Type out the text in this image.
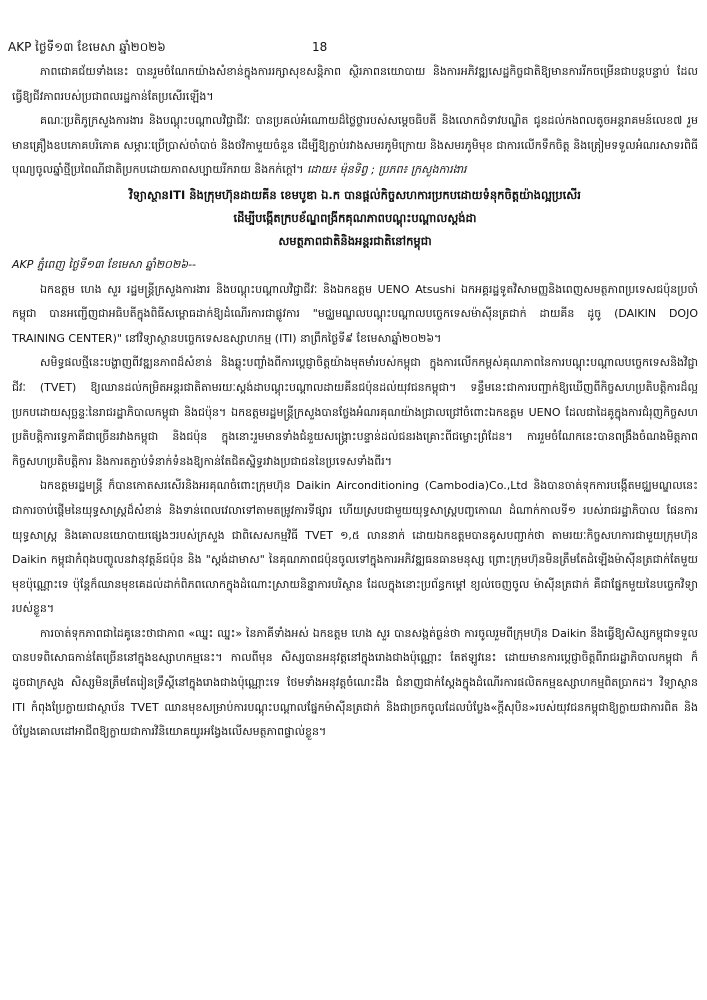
AKP ថ្ងៃទី១៣ ខែមេសា ឆ្នាំ២០២៦	18

ភាពជោគជ័យទាំងនេះ បានរួមចំណែកយ៉ាងសំខាន់ក្នុងការរក្សាសុខសន្តិភាព ស្ថិរភាពនយោបាយ និងការអភិវឌ្ឍសេដ្ឋកិច្ចជាតិឱ្យមានការរីកចម្រើនជាបន្តបន្ទាប់ ដែលធ្វើឱ្យជីវភាពរបស់ប្រជាពលរដ្ឋកាន់តែប្រសើរឡើង។

គណៈប្រតិភូក្រសួងការងារ និងបណ្តុះបណ្តាលវិជ្ជាជីវៈ បានប្រគល់អំណោយដ៏ថ្លៃថ្លារបស់សម្តេចធិបតី និងលោកជំទាវបណ្ឌិត ជូនដល់កងពលតូចអន្តរាគមន៍លេខ៧ រួមមានគ្រឿងឧបភោគបរិភោគ សម្ភារៈប្រើប្រាស់ចាំបាច់ និងថវិកាមួយចំនួន ដើម្បីឱ្យភ្ជាប់រវាងសមរភូមិក្រោយ និងសមរភូមិមុខ ជាការលើកទឹកចិត្ត និងត្រៀមទទួលអំណរសាទរពិធីបុណ្យចូលឆ្នាំថ្មីប្រពៃណីជាតិប្រកបដោយភាពសប្បាយរីករាយ និងកក់ក្តៅ។ ដោយ៖ ម៉ុនទិព្វ ; ប្រភព៖ ក្រសួងការងារ

វិទ្យាស្ថានITI និងក្រុមហ៊ុនដាយគីន ខេមបូឌា ឯ.ក បានផ្តល់កិច្ចសហការប្រកបដោយទំនុកចិត្តយ៉ាងល្អប្រសើរ
ដើម្បីបង្កើតក្របខ័ណ្ឌពង្រីកគុណភាពបណ្តុះបណ្តាលស្តង់ដា
សមត្ថភាពជាតិនិងអន្តរជាតិនៅកម្ពុជា

AKP ភ្នំពេញ ថ្ងៃទី១៣ ខែមេសា ឆ្នាំ២០២៦--

ឯកឧត្តម ហេង សួរ រដ្ឋមន្ត្រីក្រសួងការងារ និងបណ្តុះបណ្តាលវិជ្ជាជីវៈ និងឯកឧត្តម UENO Atsushi ឯកអគ្គរដ្ឋទូតវិសាមញ្ញនិងពេញសមត្ថភាពប្រទេសជប៉ុនប្រចាំកម្ពុជា បានអញ្ជើញជាអធិបតីក្នុងពិធីសម្ពោធដាក់ឱ្យដំណើរការជាផ្លូវការ "មជ្ឈមណ្ឌលបណ្តុះបណ្តាលបច្ចេកទេសម៉ាស៊ីនត្រជាក់ ដាយគីន ដូចូ (DAIKIN DOJO TRAINING CENTER)" នៅវិទ្យាស្ថានបច្ចេកទេសឧស្សាហកម្ម (ITI) នាព្រឹកថ្ងៃទី៩ ខែមេសាឆ្នាំ២០២៦។

សមិទ្ធផលថ្មីនេះបង្ហាញពីវឌ្ឍនភាពដ៏សំខាន់ និងឆ្លុះបញ្ចាំងពីការប្តេជ្ញាចិត្តយ៉ាងមុតមាំរបស់កម្ពុជា ក្នុងការលើកកម្ពស់គុណភាពនៃការបណ្តុះបណ្តាលបច្ចេកទេសនិងវិជ្ជាជីវៈ (TVET) ឱ្យឈានដល់កម្រិតអន្តរជាតិតាមរយៈស្តង់ដាបណ្តុះបណ្តាលដាយគីនជប៉ុនដល់យុវជនកម្ពុជា។ ទន្ទឹមនេះជាការបញ្ជាក់ឱ្យឃើញពីកិច្ចសហប្រតិបត្តិការដ៏ល្អប្រកបដោយសុច្ឆន្ទៈនៃរាជរដ្ឋាភិបាលកម្ពុជា និងជប៉ុន។ ឯកឧត្តមរដ្ឋមន្ត្រីក្រសួងបានថ្លែងអំណរគុណយ៉ាងជ្រាលជ្រៅចំពោះឯកឧត្តម UENO ដែលជាដៃគូក្នុងការជំរុញកិច្ចសហប្រតិបត្តិការទ្វេភាគីជាច្រើនរវាងកម្ពុជា និងជប៉ុន ក្នុងនោះរួមមានទាំងជំនួយសង្គ្រោះបន្ទាន់ដល់ជនរងគ្រោះពីជម្លោះព្រំដែន។ ការរួមចំណែកនេះបានពង្រឹងចំណងមិត្តភាព កិច្ចសហប្រតិបត្តិការ និងការតភ្ជាប់ទំនាក់ទំនងឱ្យកាន់តែជិតស្និទ្ធរវាងប្រជាជននៃប្រទេសទាំងពីរ។

ឯកឧត្តមរដ្ឋមន្ត្រី ក៏បានកោតសរសើរនិងអរគុណចំពោះក្រុមហ៊ុន Daikin Airconditioning (Cambodia)Co.,Ltd និងបានចាត់ទុកការបង្កើតមជ្ឈមណ្ឌលនេះ ជាការចាប់ផ្តើមនៃយុទ្ធសាស្ត្រដ៏សំខាន់ និងទាន់ពេលវេលាទៅតាមតម្រូវការទីផ្សារ ហើយស្របជាមួយយុទ្ធសាស្ត្របញ្ចកោណ ដំណាក់កាលទី១ របស់រាជរដ្ឋាភិបាល ផែនការយុទ្ធសាស្ត្រ និងគោលនយោបាយផ្សេងៗរបស់ក្រសួង ជាពិសេសកម្មវិធី TVET ១,៥ លាននាក់ ដោយឯកឧត្តមបានគូសបញ្ជាក់ថា តាមរយៈកិច្ចសហការជាមួយក្រុមហ៊ុន Daikin កម្ពុជាកំពុងបញ្ចូលនវានុវត្តន៍ជប៉ុន និង "ស្តង់ដាមាស" នៃគុណភាពជប៉ុនចូលទៅក្នុងការអភិវឌ្ឍធនធានមនុស្ស ព្រោះក្រុមហ៊ុនមិនត្រឹមតែដំឡើងម៉ាស៊ីនត្រជាក់តែមួយមុខប៉ុណ្ណោះទេ ប៉ុន្តែក៏ឈានមុខគេដល់ដាក់ពិភពលោកក្នុងដំណោះស្រាយនិន្នាការបរិស្ថាន ដែលក្នុងនោះប្រព័ន្ធកម្តៅ ខ្យល់ចេញចូល ម៉ាស៊ីនត្រជាក់ គឺជាផ្នែកមួយនៃបច្ចេកវិទ្យារបស់ខ្លួន។

ការចាត់ទុកភាពជាដៃគូនេះថាជាភាព «ឈ្នះ ឈ្នះ» នៃភាគីទាំងអស់ ឯកឧត្តម ហេង សួរ បានសង្កត់ធ្ងន់ថា ការចូលរួមពីក្រុមហ៊ុន Daikin នឹងធ្វើឱ្យសិស្សកម្ពុជាទទួលបានបទពិសោធកាន់តែច្រើននៅក្នុងឧស្សាហកម្មនេះ។ កាលពីមុន សិស្សបានអនុវត្តនៅក្នុងរោងជាងប៉ុណ្ណោះ តែឥឡូវនេះ ដោយមានការប្តេជ្ញាចិត្តពីរាជរដ្ឋាភិបាលកម្ពុជា ក៏ដូចជាក្រសួង សិស្សមិនត្រឹមតែរៀនទ្រឹស្តីនៅក្នុងរោងជាងប៉ុណ្ណោះទេ ថែមទាំងអនុវត្តចំណេះដឹង ជំនាញជាក់ស្តែងក្នុងដំណើរការផលិតកម្មឧស្សាហកម្មពិតប្រាកដ។ វិទ្យាស្ថាន ITI កំពុងប្រែក្លាយជាស្ថាប័ន TVET ឈានមុខសម្រាប់ការបណ្តុះបណ្តាលផ្នែកម៉ាស៊ីនត្រជាក់ និងជាច្រកចូលដែលបំប្លែង«ក្តីសុបិន»របស់យុវជនកម្ពុជាឱ្យក្លាយជាការពិត និងបំប្លែងគោលដៅអាជីពឱ្យក្លាយជាការវិនិយោគយូរអង្វែងលើសមត្ថភាពផ្ទាល់ខ្លួន។
